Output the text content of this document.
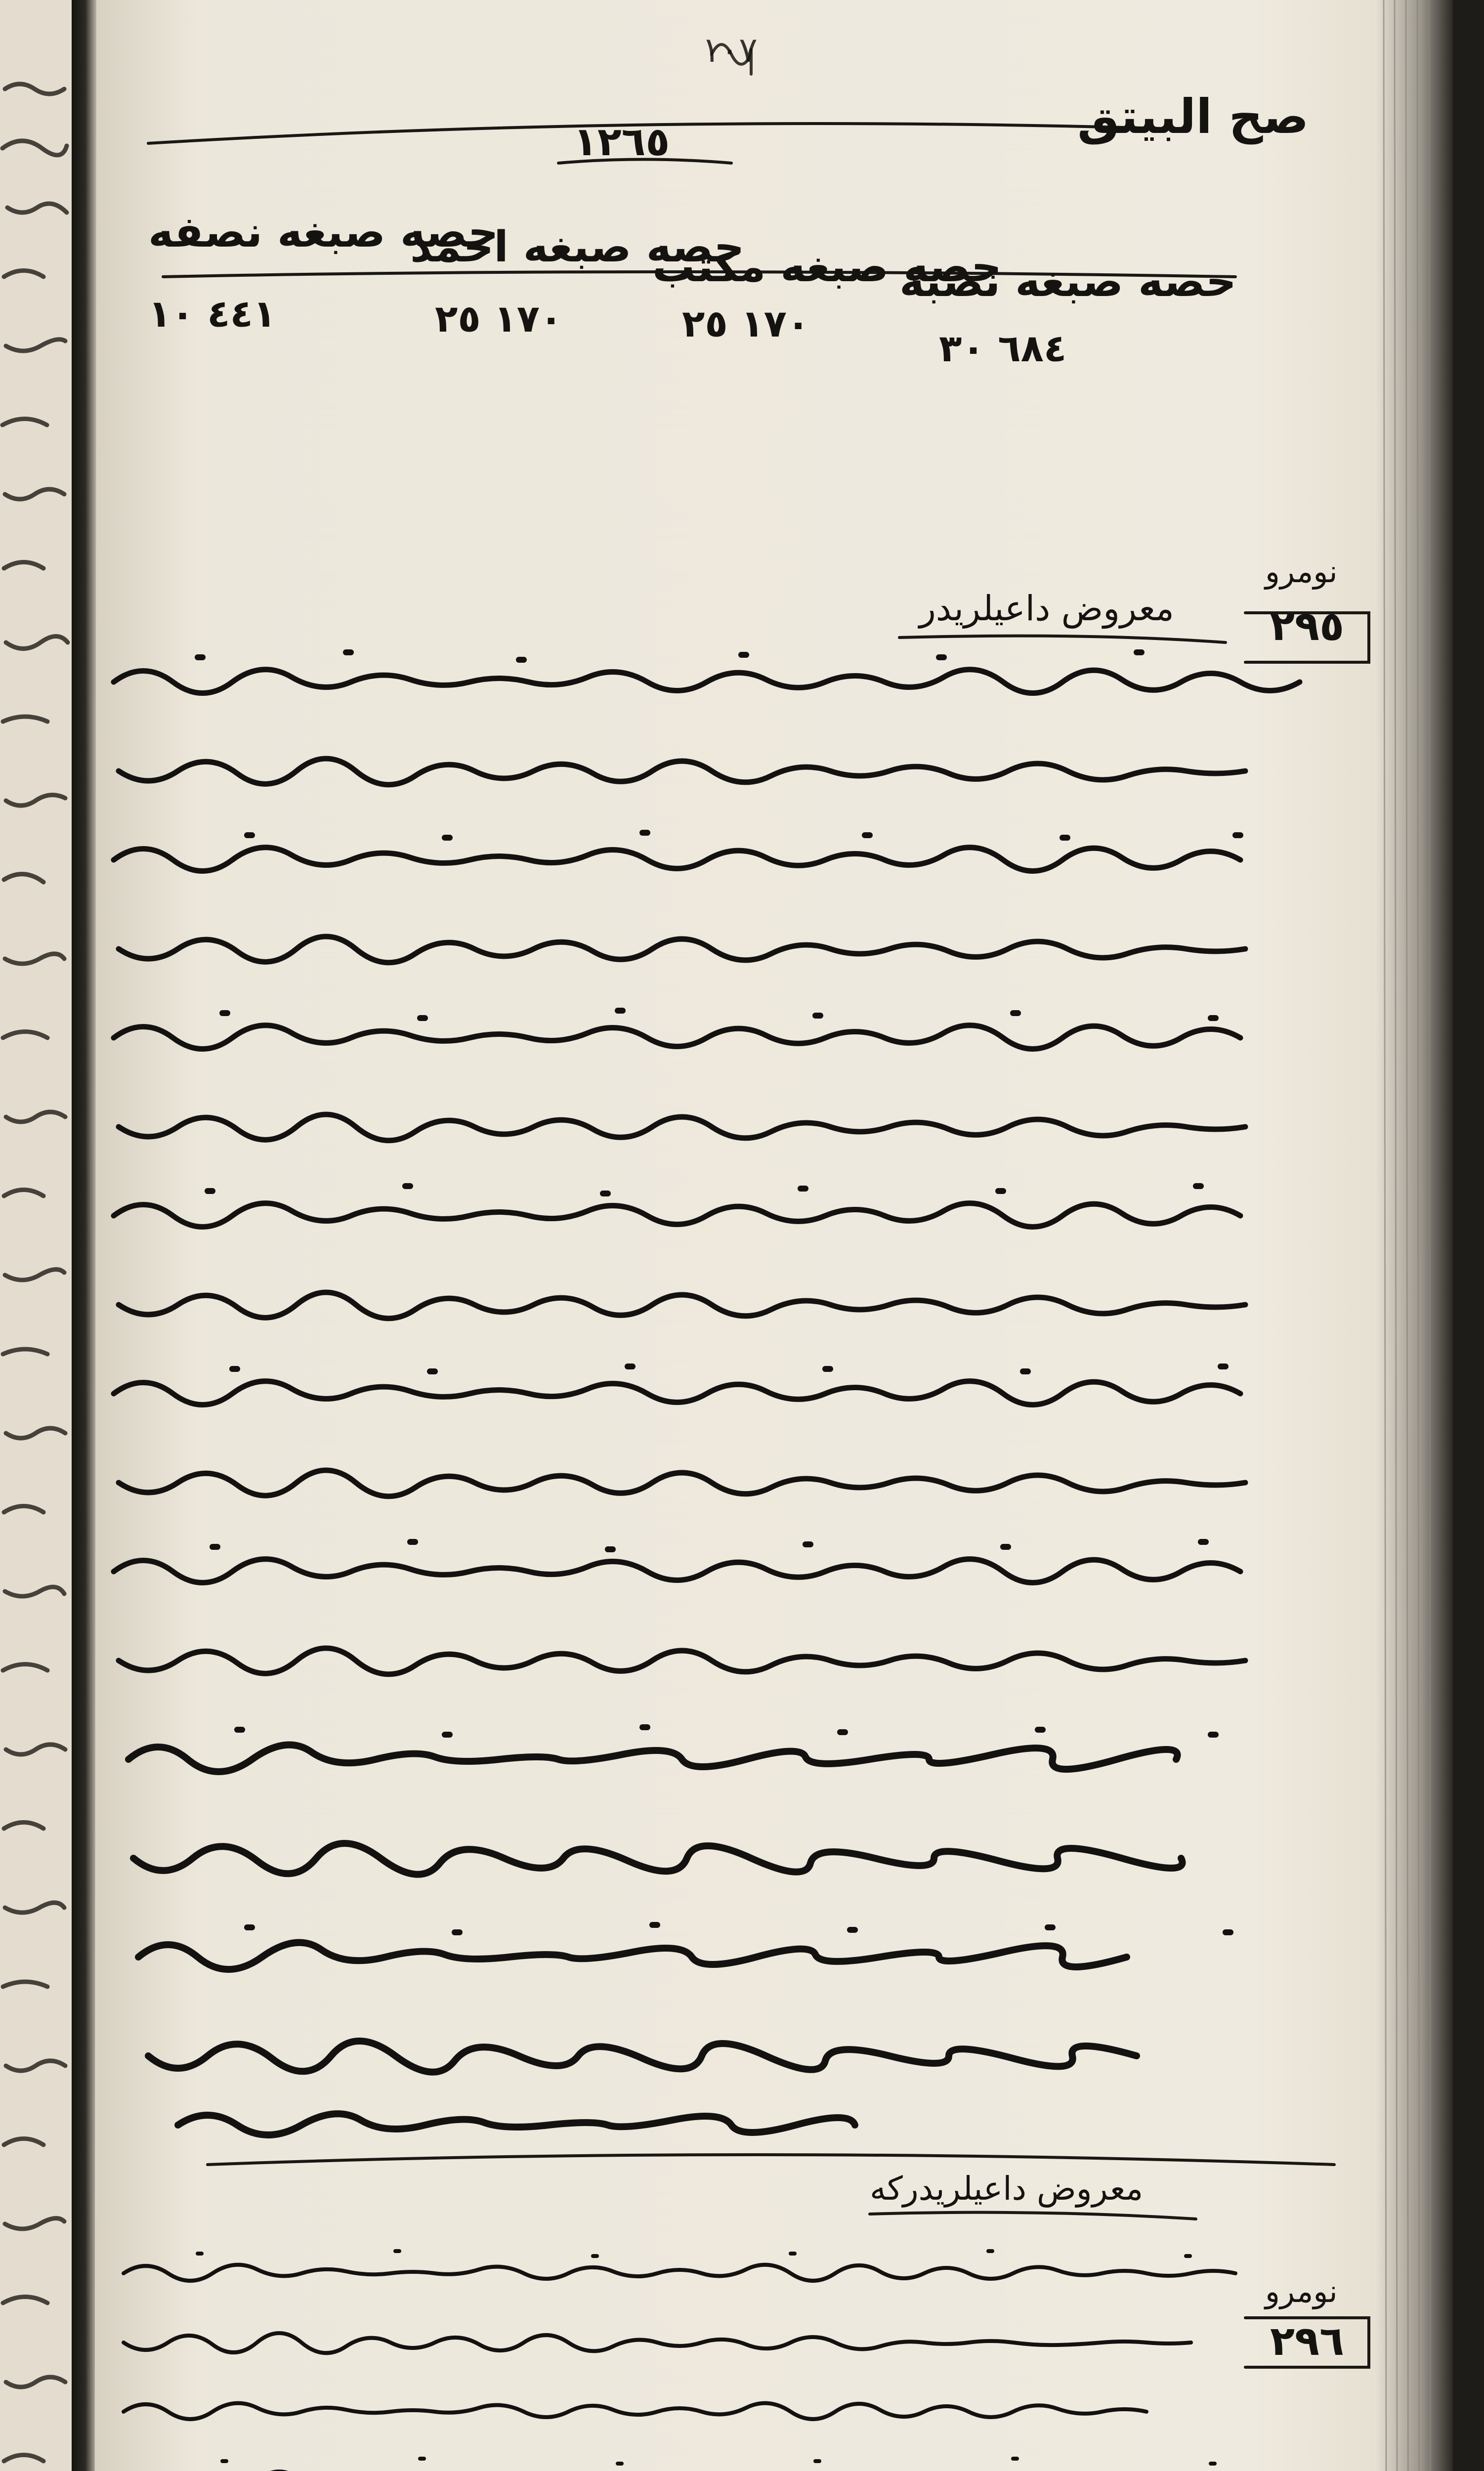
١٠٧
صح البيتق
١٢٦٥
حصه صبغه نصبه
٦٨٤ ٣٠
حصه صبغه مكتب
١٧٠ ٢٥
حصه صبغه احمد
١٧٠ ٢٥
حصه صبغه نصفه
٤٤١ ١٠
نومرو
٢٩٥
معروض داعيلريدر
نومرو
٢٩٦
معروض داعيلريدركه
